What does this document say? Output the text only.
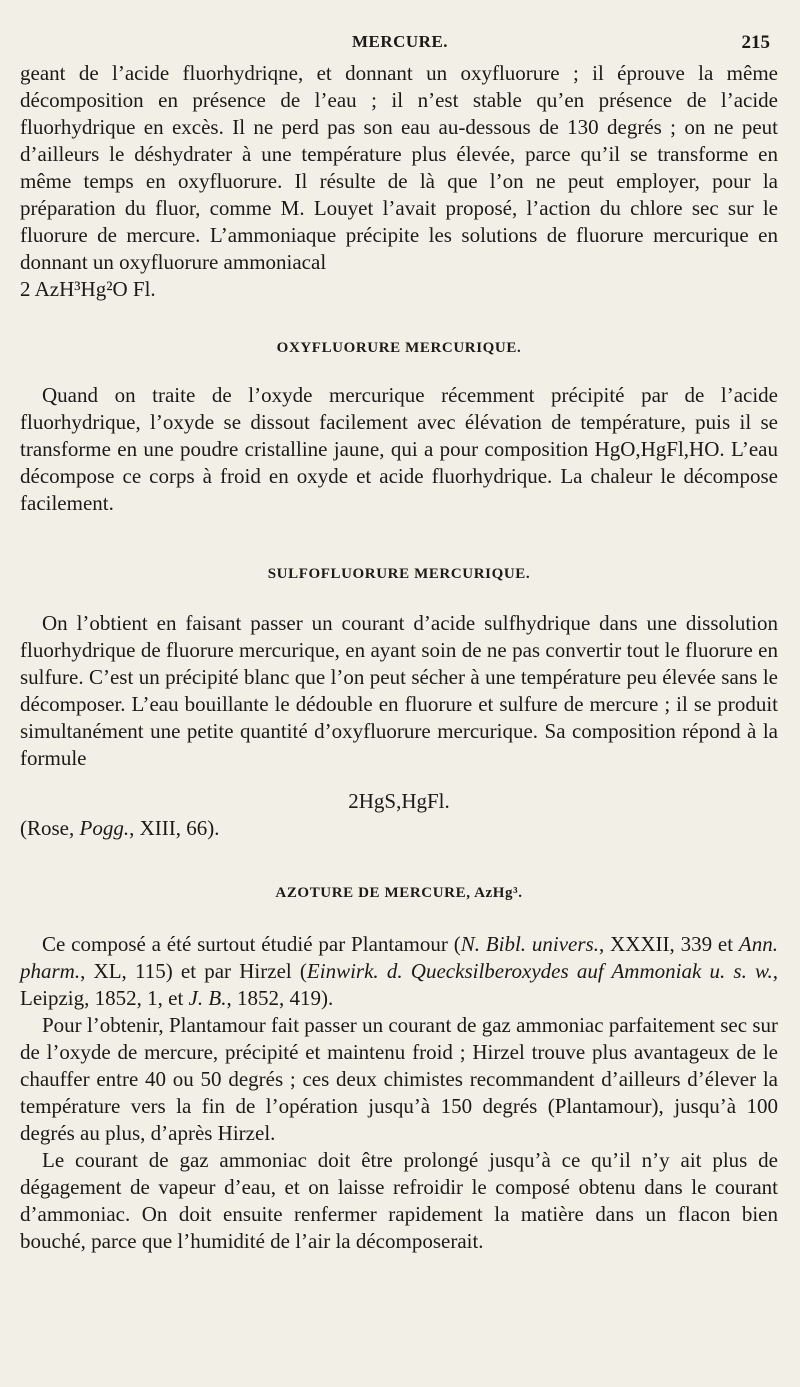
MERCURE.	215

geant de l’acide fluorhydriqne, et donnant un oxyfluorure ; il éprouve la même décomposition en présence de l’eau ; il n’est stable qu’en présence de l’acide fluorhydrique en excès. Il ne perd pas son eau au-dessous de 130 degrés ; on ne peut d’ailleurs le déshydrater à une température plus élevée, parce qu’il se transforme en même temps en oxyfluorure. Il résulte de là que l’on ne peut employer, pour la préparation du fluor, comme M. Louyet l’avait proposé, l’action du chlore sec sur le fluorure de mercure. L’ammoniaque précipite les solutions de fluorure mercurique en donnant un oxyfluorure ammoniacal

2 AzH³Hg²O Fl.

OXYFLUORURE MERCURIQUE.

Quand on traite de l’oxyde mercurique récemment précipité par de l’acide fluorhydrique, l’oxyde se dissout facilement avec élévation de température, puis il se transforme en une poudre cristalline jaune, qui a pour composition HgO,HgFl,HO. L’eau décompose ce corps à froid en oxyde et acide fluorhydrique. La chaleur le décompose facilement.

SULFOFLUORURE MERCURIQUE.

On l’obtient en faisant passer un courant d’acide sulfhydrique dans une dissolution fluorhydrique de fluorure mercurique, en ayant soin de ne pas convertir tout le fluorure en sulfure. C’est un précipité blanc que l’on peut sécher à une température peu élevée sans le décomposer. L’eau bouillante le dédouble en fluorure et sulfure de mercure ; il se produit simultanément une petite quantité d’oxyfluorure mercurique. Sa composition répond à la formule

2HgS,HgFl.

(Rose, Pogg., XIII, 66).

AZOTURE DE MERCURE, AzHg³.

Ce composé a été surtout étudié par Plantamour (N. Bibl. univers., XXXII, 339 et Ann. pharm., XL, 115) et par Hirzel (Einwirk. d. Quecksilberoxydes auf Ammoniak u. s. w., Leipzig, 1852, 1, et J. B., 1852, 419).

Pour l’obtenir, Plantamour fait passer un courant de gaz ammoniac parfaitement sec sur de l’oxyde de mercure, précipité et maintenu froid ; Hirzel trouve plus avantageux de le chauffer entre 40 ou 50 degrés ; ces deux chimistes recommandent d’ailleurs d’élever la température vers la fin de l’opération jusqu’à 150 degrés (Plantamour), jusqu’à 100 degrés au plus, d’après Hirzel.

Le courant de gaz ammoniac doit être prolongé jusqu’à ce qu’il n’y ait plus de dégagement de vapeur d’eau, et on laisse refroidir le composé obtenu dans le courant d’ammoniac. On doit ensuite renfermer rapidement la matière dans un flacon bien bouché, parce que l’humidité de l’air la décomposerait.
